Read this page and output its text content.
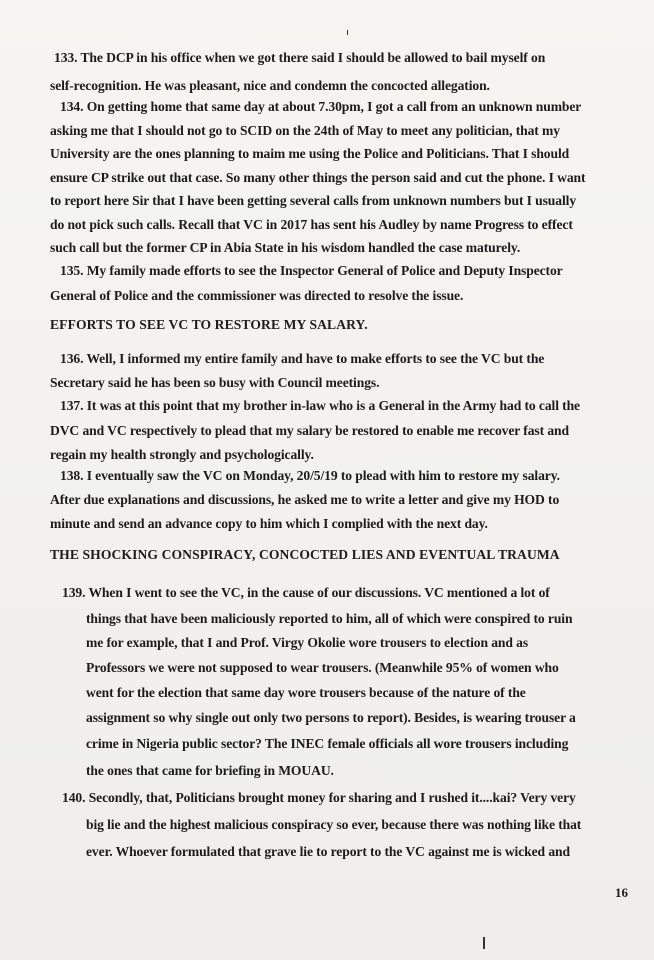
133. The DCP in his office when we got there said I should be allowed to bail myself on
self-recognition. He was pleasant, nice and condemn the concocted allegation.
134. On getting home that same day at about 7.30pm, I got a call from an unknown number
asking me that I should not go to SCID on the 24th of May to meet any politician, that my
University are the ones planning to maim me using the Police and Politicians. That I should
ensure CP strike out that case. So many other things the person said and cut the phone. I want
to report here Sir that I have been getting several calls from unknown numbers but I usually
do not pick such calls. Recall that VC in 2017 has sent his Audley by name Progress to effect
such call but the former CP in Abia State in his wisdom handled the case maturely.
135. My family made efforts to see the Inspector General of Police and Deputy Inspector
General of Police and the commissioner was directed to resolve the issue.
EFFORTS TO SEE VC TO RESTORE MY SALARY.
136. Well, I informed my entire family and have to make efforts to see the VC but the
Secretary said he has been so busy with Council meetings.
137. It was at this point that my brother in-law who is a General in the Army had to call the
DVC and VC respectively to plead that my salary be restored to enable me recover fast and
regain my health strongly and psychologically.
138. I eventually saw the VC on Monday, 20/5/19 to plead with him to restore my salary.
After due explanations and discussions, he asked me to write a letter and give my HOD to
minute and send an advance copy to him which I complied with the next day.
THE SHOCKING CONSPIRACY, CONCOCTED LIES AND EVENTUAL TRAUMA
139. When I went to see the VC, in the cause of our discussions. VC mentioned a lot of
things that have been maliciously reported to him, all of which were conspired to ruin
me for example, that I and Prof. Virgy Okolie wore trousers to election and as
Professors we were not supposed to wear trousers. (Meanwhile 95% of women who
went for the election that same day wore trousers because of the nature of the
assignment so why single out only two persons to report). Besides, is wearing trouser a
crime in Nigeria public sector? The INEC female officials all wore trousers including
the ones that came for briefing in MOUAU.
140. Secondly, that, Politicians brought money for sharing and I rushed it....kai? Very very
big lie and the highest malicious conspiracy so ever, because there was nothing like that
ever. Whoever formulated that grave lie to report to the VC against me is wicked and
16
